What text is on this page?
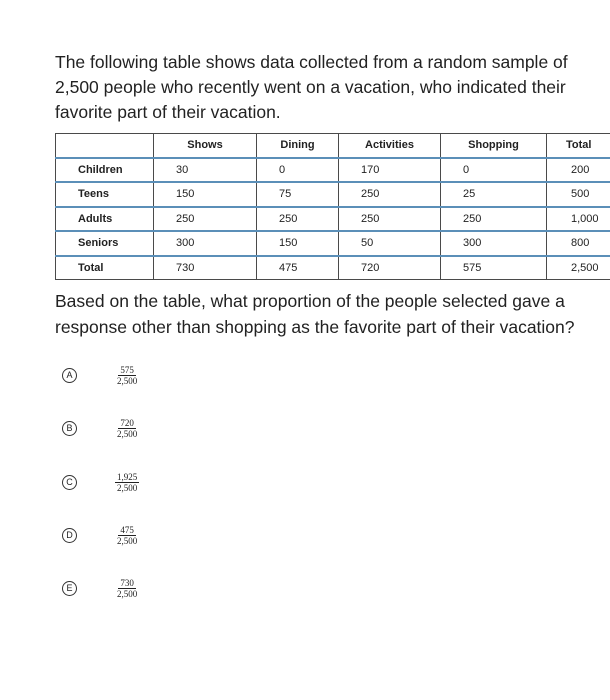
The following table shows data collected from a random sample of 2,500 people who recently went on a vacation, who indicated their favorite part of their vacation.

	Shows	Dining	Activities	Shopping	Total
Children	30	0	170	0	200
Teens	150	75	250	25	500
Adults	250	250	250	250	1,000
Seniors	300	150	50	300	800
Total	730	475	720	575	2,500

Based on the table, what proportion of the people selected gave a response other than shopping as the favorite part of their vacation?

A	$\frac{575}{2,500}$
B	$\frac{720}{2,500}$
C	$\frac{1,925}{2,500}$
D	$\frac{475}{2,500}$
E	$\frac{730}{2,500}$
